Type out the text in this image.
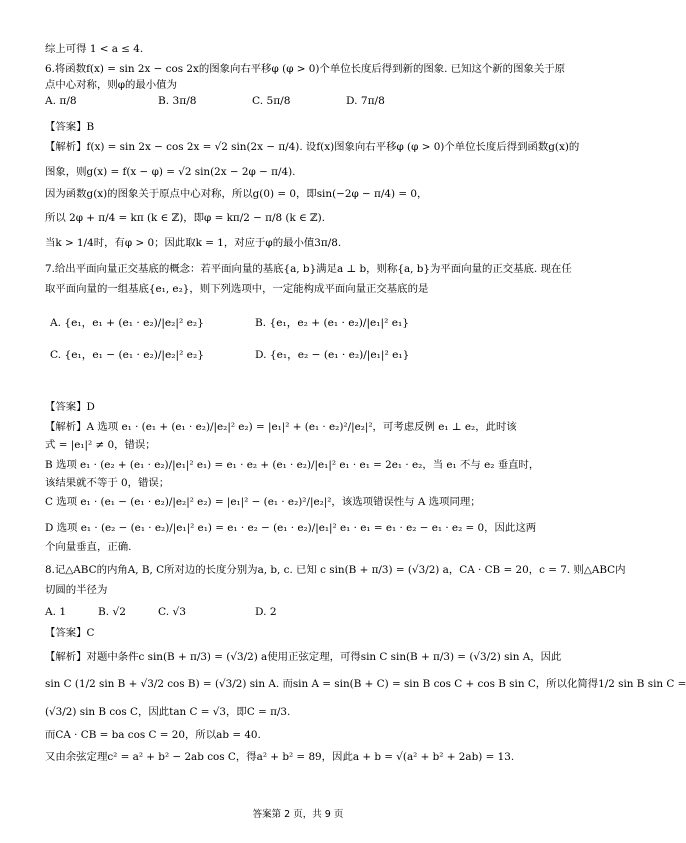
综上可得 1 < a ≤ 4.
6.将函数f(x) = sin 2x − cos 2x的图象向右平移φ (φ > 0)个单位长度后得到新的图象. 已知这个新的图象关于原
点中心对称，则φ的最小值为
A. π/8	B. 3π/8	C. 5π/8	D. 7π/8
【答案】B
【解析】f(x) = sin 2x − cos 2x = √2 sin(2x − π/4). 设f(x)图象向右平移φ (φ > 0)个单位长度后得到函数g(x)的
图象，则g(x) = f(x − φ) = √2 sin(2x − 2φ − π/4).
因为函数g(x)的图象关于原点中心对称，所以g(0) = 0，即sin(−2φ − π/4) = 0，
所以 2φ + π/4 = kπ (k ∈ ℤ)，即φ = kπ/2 − π/8 (k ∈ ℤ).
当k > 1/4时，有φ > 0；因此取k = 1，对应于φ的最小值3π/8.
7.给出平面向量正交基底的概念：若平面向量的基底{a, b}满足a ⊥ b，则称{a, b}为平面向量的正交基底. 现在任
取平面向量的一组基底{e₁, e₂}，则下列选项中，一定能构成平面向量正交基底的是
A. {e₁，e₁ + (e₁ · e₂)/|e₂|² e₂}	B. {e₁，e₂ + (e₁ · e₂)/|e₁|² e₁}
C. {e₁，e₁ − (e₁ · e₂)/|e₂|² e₂}	D. {e₁，e₂ − (e₁ · e₂)/|e₁|² e₁}
【答案】D
【解析】A 选项 e₁ · (e₁ + (e₁ · e₂)/|e₂|² e₂) = |e₁|² + (e₁ · e₂)²/|e₂|²，可考虑反例 e₁ ⊥ e₂，此时该
式 = |e₁|² ≠ 0，错误；
B 选项 e₁ · (e₂ + (e₁ · e₂)/|e₁|² e₁) = e₁ · e₂ + (e₁ · e₂)/|e₁|² e₁ · e₁ = 2e₁ · e₂，当 e₁ 不与 e₂ 垂直时，
该结果就不等于 0，错误；
C 选项 e₁ · (e₁ − (e₁ · e₂)/|e₂|² e₂) = |e₁|² − (e₁ · e₂)²/|e₂|²，该选项错误性与 A 选项同理；
D 选项 e₁ · (e₂ − (e₁ · e₂)/|e₁|² e₁) = e₁ · e₂ − (e₁ · e₂)/|e₁|² e₁ · e₁ = e₁ · e₂ − e₁ · e₂ = 0，因此这两
个向量垂直，正确.
8.记△ABC的内角A, B, C所对边的长度分别为a, b, c. 已知 c sin(B + π/3) = (√3/2) a，CA · CB = 20，c = 7. 则△ABC内
切圆的半径为
A. 1	B. √2	C. √3	D. 2
【答案】C
【解析】对题中条件c sin(B + π/3) = (√3/2) a使用正弦定理，可得sin C sin(B + π/3) = (√3/2) sin A，因此
sin C (1/2 sin B + √3/2 cos B) = (√3/2) sin A. 而sin A = sin(B + C) = sin B cos C + cos B sin C，所以化简得1/2 sin B sin C =
(√3/2) sin B cos C，因此tan C = √3，即C = π/3.
而CA · CB = ba cos C = 20，所以ab = 40.
又由余弦定理c² = a² + b² − 2ab cos C，得a² + b² = 89，因此a + b = √(a² + b² + 2ab) = 13.
答案第 2 页，共 9 页
